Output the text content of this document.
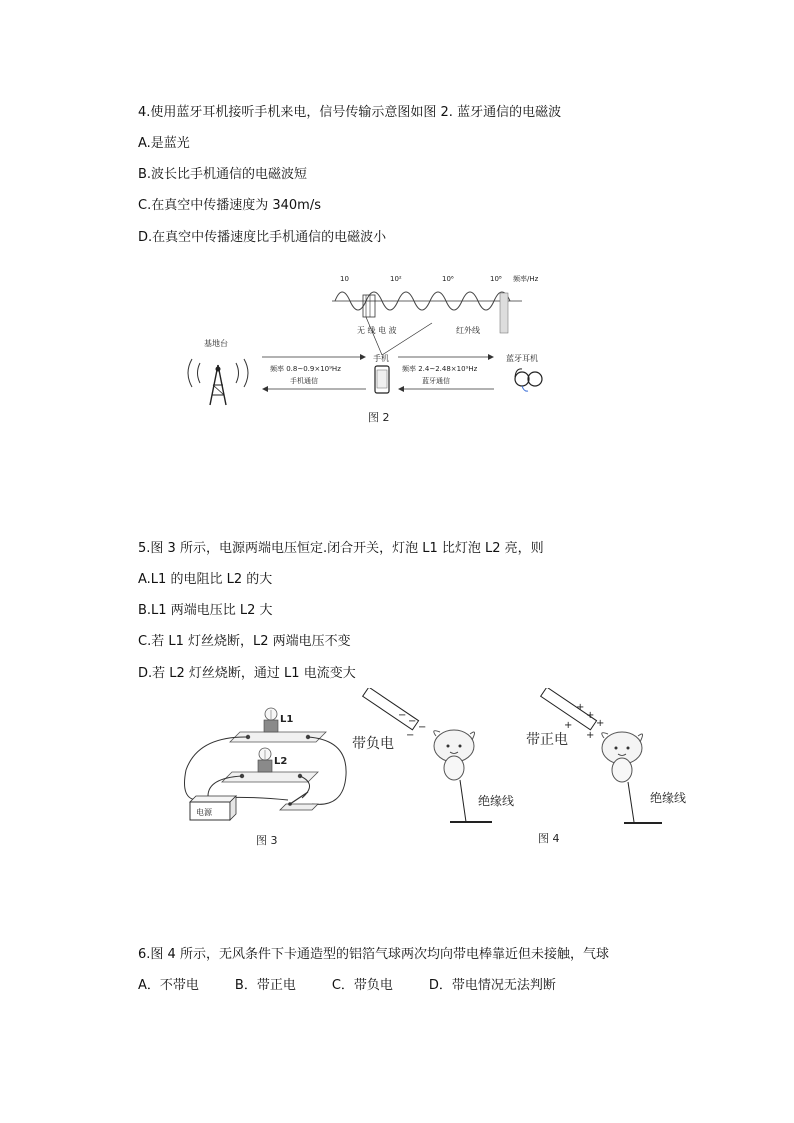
4.使用蓝牙耳机接听手机来电，信号传输示意图如图 2. 蓝牙通信的电磁波
A.是蓝光
B.波长比手机通信的电磁波短
C.在真空中传播速度为 340m/s
D.在真空中传播速度比手机通信的电磁波小
10	10²	10⁶	10⁸ 频率/Hz
无 线 电 波	红外线
基地台
频率 0.8~0.9×10⁹Hz
手机通信
手机
频率 2.4~2.48×10⁹Hz
蓝牙通信
蓝牙耳机
图 2
5.图 3 所示，电源两端电压恒定.闭合开关，灯泡 L1 比灯泡 L2 亮，则
A.L1 的电阻比 L2 的大
B.L1 两端电压比 L2 大
C.若 L1 灯丝烧断，L2 两端电压不变
D.若 L2 灯丝烧断，通过 L1 电流变大
L1
L2
电源
图 3
−
−
−
−
带负电
绝缘线
+
+
+
+
+
带正电
绝缘线
图 4
6.图 4 所示，无风条件下卡通造型的铝箔气球两次均向带电棒靠近但未接触，气球
A．不带电	B．带正电	C．带负电	D．带电情况无法判断
